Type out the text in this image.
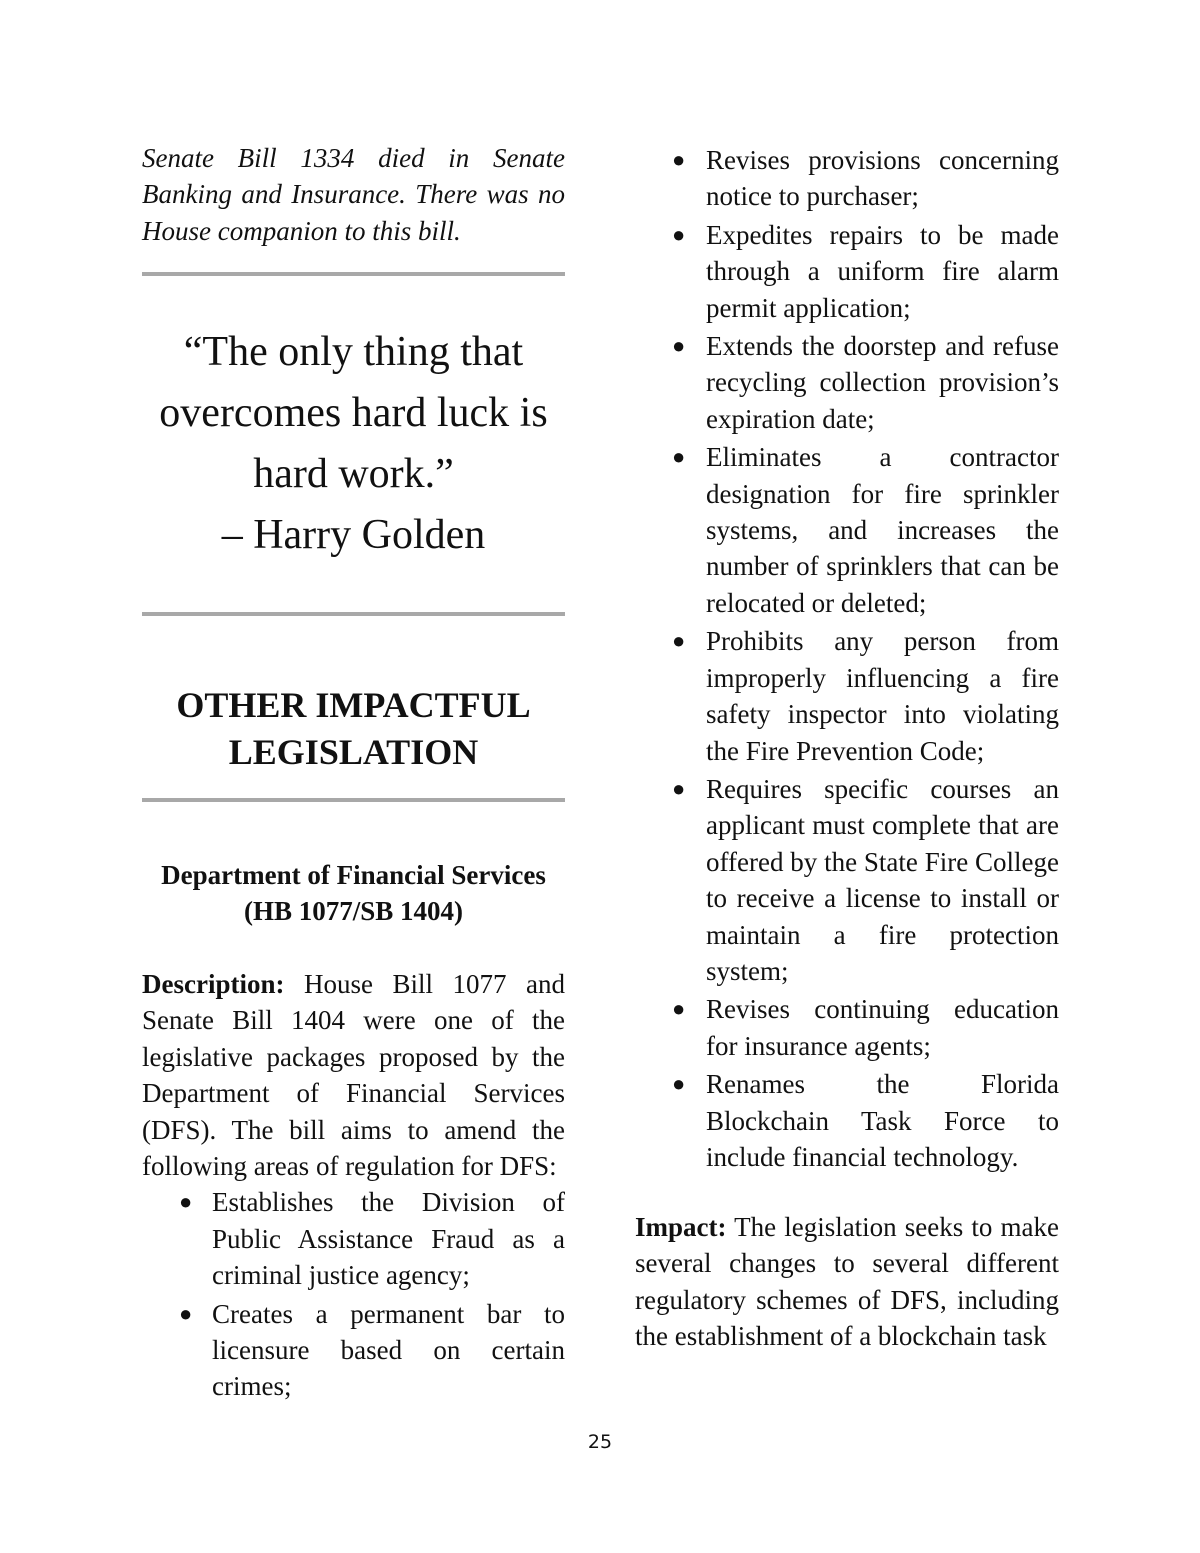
Senate Bill 1334 died in Senate Banking and Insurance. There was no House companion to this bill.

“The only thing that
overcomes hard luck is
hard work.”
– Harry Golden
OTHER IMPACTFUL
LEGISLATION
Department of Financial Services
(HB 1077/SB 1404)

Description: House Bill 1077 and Senate Bill 1404 were one of the legislative packages proposed by the Department of Financial Services (DFS). The bill aims to amend the following areas of regulation for DFS:

● Establishes the Division of Public Assistance Fraud as a criminal justice agency;
● Creates a permanent bar to licensure based on certain crimes;
● Revises provisions concerning notice to purchaser;
● Expedites repairs to be made through a uniform fire alarm permit application;
● Extends the doorstep and refuse recycling collection provision’s expiration date;
● Eliminates a contractor designation for fire sprinkler systems, and increases the number of sprinklers that can be relocated or deleted;
● Prohibits any person from improperly influencing a fire safety inspector into violating the Fire Prevention Code;
● Requires specific courses an applicant must complete that are offered by the State Fire College to receive a license to install or maintain a fire protection system;
● Revises continuing education for insurance agents;
● Renames the Florida Blockchain Task Force to include financial technology.

Impact: The legislation seeks to make several changes to several different regulatory schemes of DFS, including the establishment of a blockchain task

25
